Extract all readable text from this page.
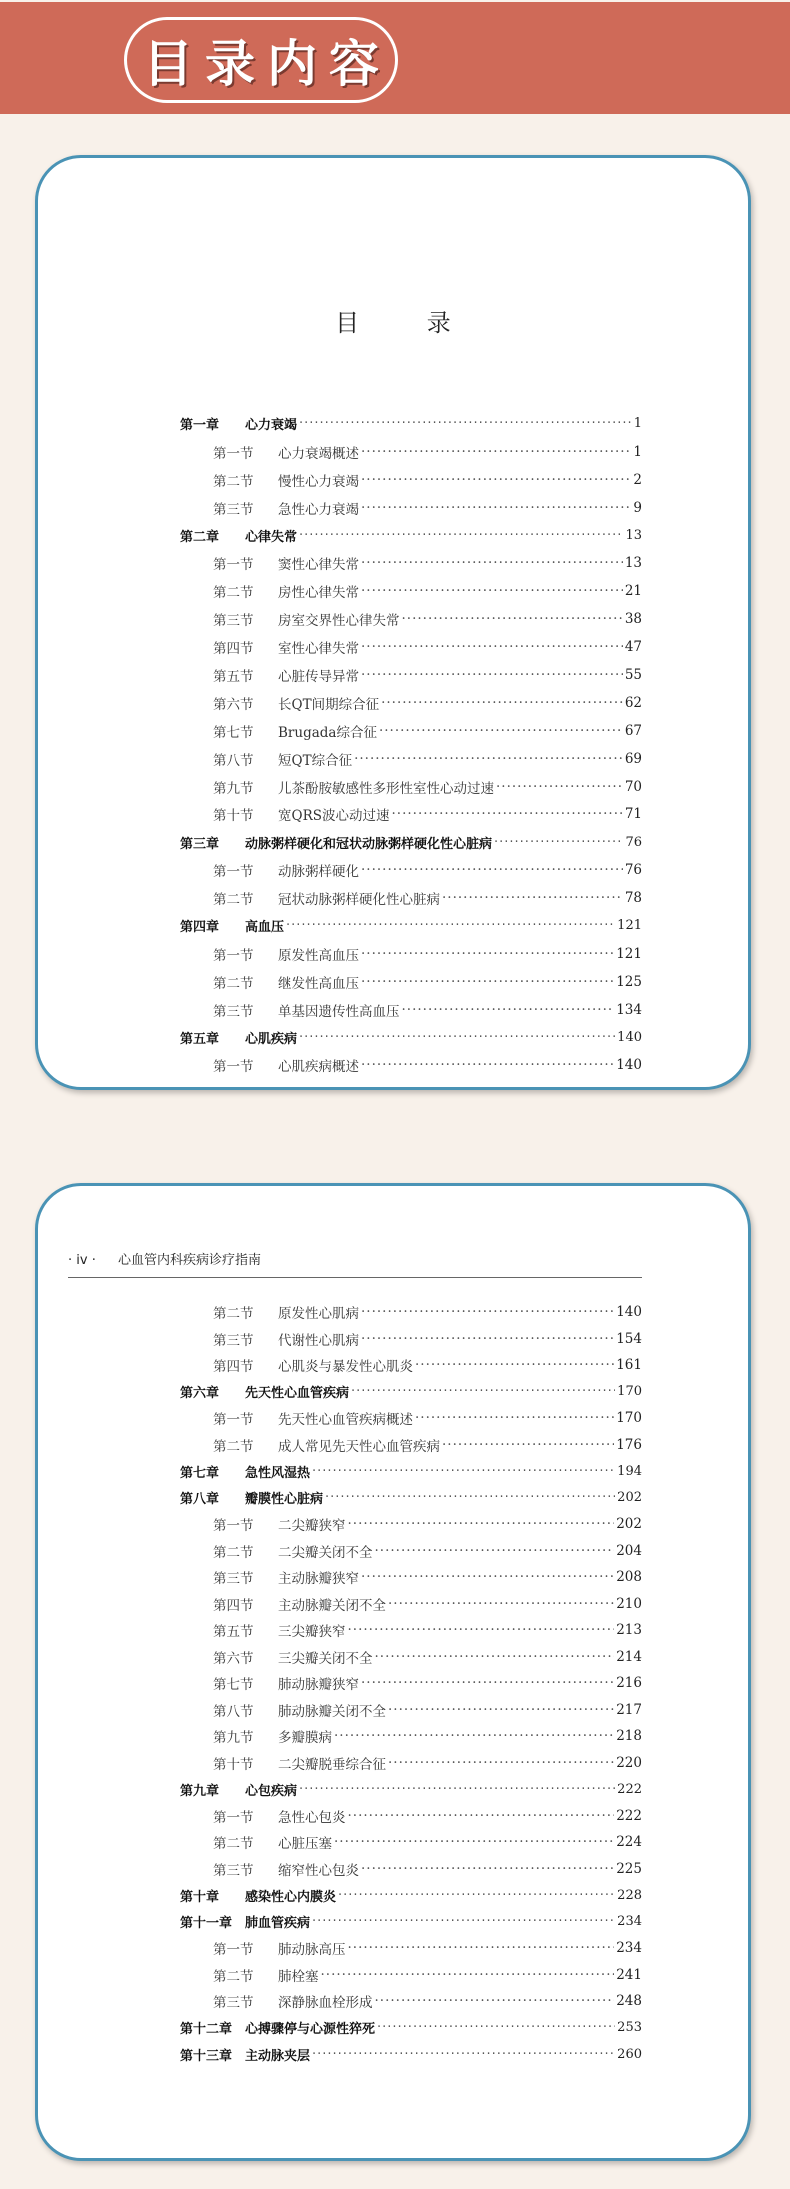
目录内容
目 录
第一章	心力衰竭 ·····	1
第一节	心力衰竭概述 ·····	1
第二节	慢性心力衰竭 ·····	2
第三节	急性心力衰竭 ·····	9
第二章	心律失常 ·····	13
第一节	窦性心律失常 ·····	13
第二节	房性心律失常 ·····	21
第三节	房室交界性心律失常 ·····	38
第四节	室性心律失常 ·····	47
第五节	心脏传导异常 ·····	55
第六节	长QT间期综合征 ·····	62
第七节	Brugada综合征 ·····	67
第八节	短QT综合征 ·····	69
第九节	儿茶酚胺敏感性多形性室性心动过速 ·····	70
第十节	宽QRS波心动过速 ·····	71
第三章	动脉粥样硬化和冠状动脉粥样硬化性心脏病 ·····	76
第一节	动脉粥样硬化 ·····	76
第二节	冠状动脉粥样硬化性心脏病 ·····	78
第四章	高血压 ·····	121
第一节	原发性高血压 ·····	121
第二节	继发性高血压 ·····	125
第三节	单基因遗传性高血压 ·····	134
第五章	心肌疾病 ·····	140
第一节	心肌疾病概述 ·····	140
· iv · 心血管内科疾病诊疗指南
第二节	原发性心肌病 ·····	140
第三节	代谢性心肌病 ·····	154
第四节	心肌炎与暴发性心肌炎 ·····	161
第六章	先天性心血管疾病 ·····	170
第一节	先天性心血管疾病概述 ·····	170
第二节	成人常见先天性心血管疾病 ·····	176
第七章	急性风湿热 ·····	194
第八章	瓣膜性心脏病 ·····	202
第一节	二尖瓣狭窄 ·····	202
第二节	二尖瓣关闭不全 ·····	204
第三节	主动脉瓣狭窄 ·····	208
第四节	主动脉瓣关闭不全 ·····	210
第五节	三尖瓣狭窄 ·····	213
第六节	三尖瓣关闭不全 ·····	214
第七节	肺动脉瓣狭窄 ·····	216
第八节	肺动脉瓣关闭不全 ·····	217
第九节	多瓣膜病 ·····	218
第十节	二尖瓣脱垂综合征 ·····	220
第九章	心包疾病 ·····	222
第一节	急性心包炎 ·····	222
第二节	心脏压塞 ·····	224
第三节	缩窄性心包炎 ·····	225
第十章	感染性心内膜炎 ·····	228
第十一章 肺血管疾病 ·····	234
第一节	肺动脉高压 ·····	234
第二节	肺栓塞 ·····	241
第三节	深静脉血栓形成 ·····	248
第十二章 心搏骤停与心源性猝死 ·····	253
第十三章 主动脉夹层 ·····	260
